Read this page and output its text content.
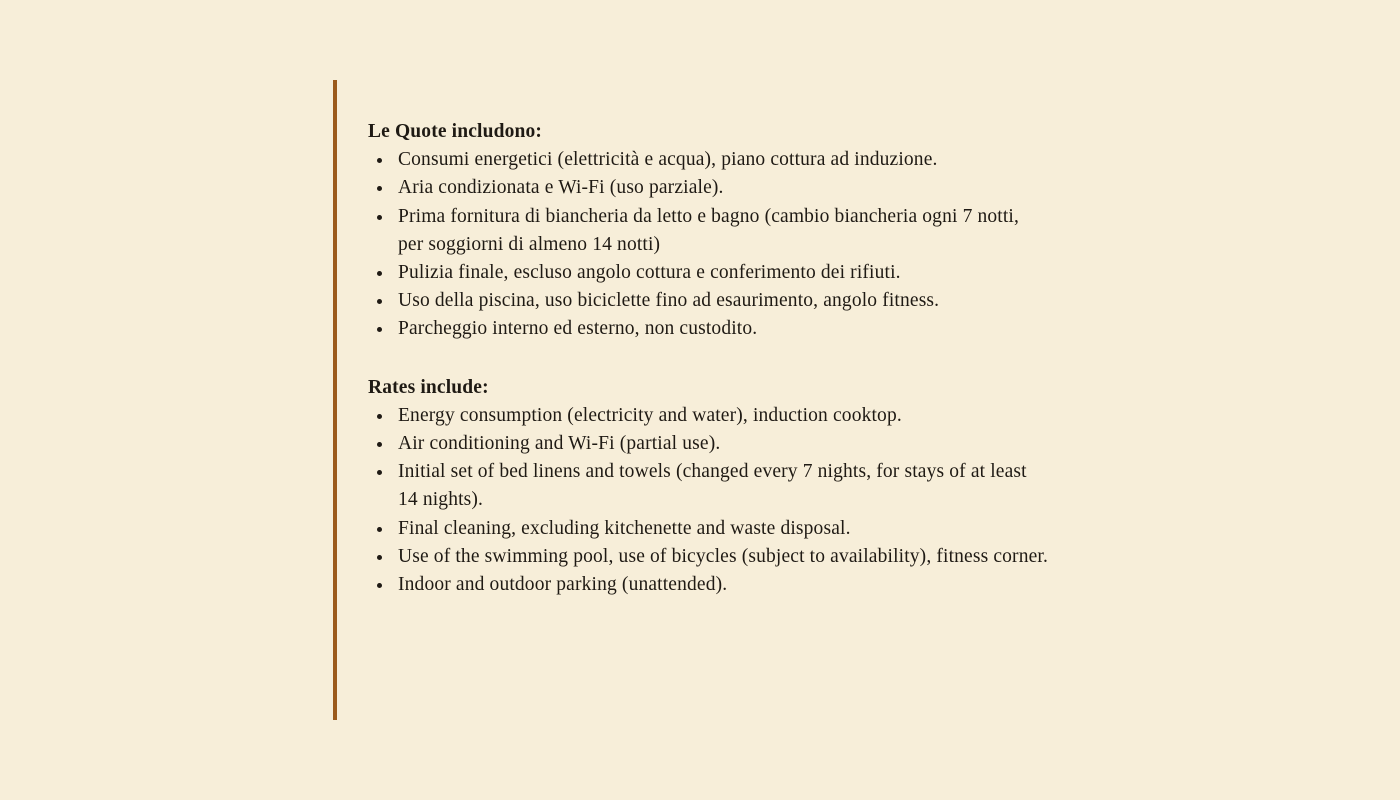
Le Quote includono:

Consumi energetici (elettricità e acqua), piano cottura ad induzione.
Aria condizionata e Wi-Fi (uso parziale).
Prima fornitura di biancheria da letto e bagno (cambio biancheria ogni 7 notti, per soggiorni di almeno 14 notti)
Pulizia finale, escluso angolo cottura e conferimento dei rifiuti.
Uso della piscina, uso biciclette fino ad esaurimento, angolo fitness.
Parcheggio interno ed esterno, non custodito.

Rates include:

Energy consumption (electricity and water), induction cooktop.
Air conditioning and Wi-Fi (partial use).
Initial set of bed linens and towels (changed every 7 nights, for stays of at least 14 nights).
Final cleaning, excluding kitchenette and waste disposal.
Use of the swimming pool, use of bicycles (subject to availability), fitness corner.
Indoor and outdoor parking (unattended).
